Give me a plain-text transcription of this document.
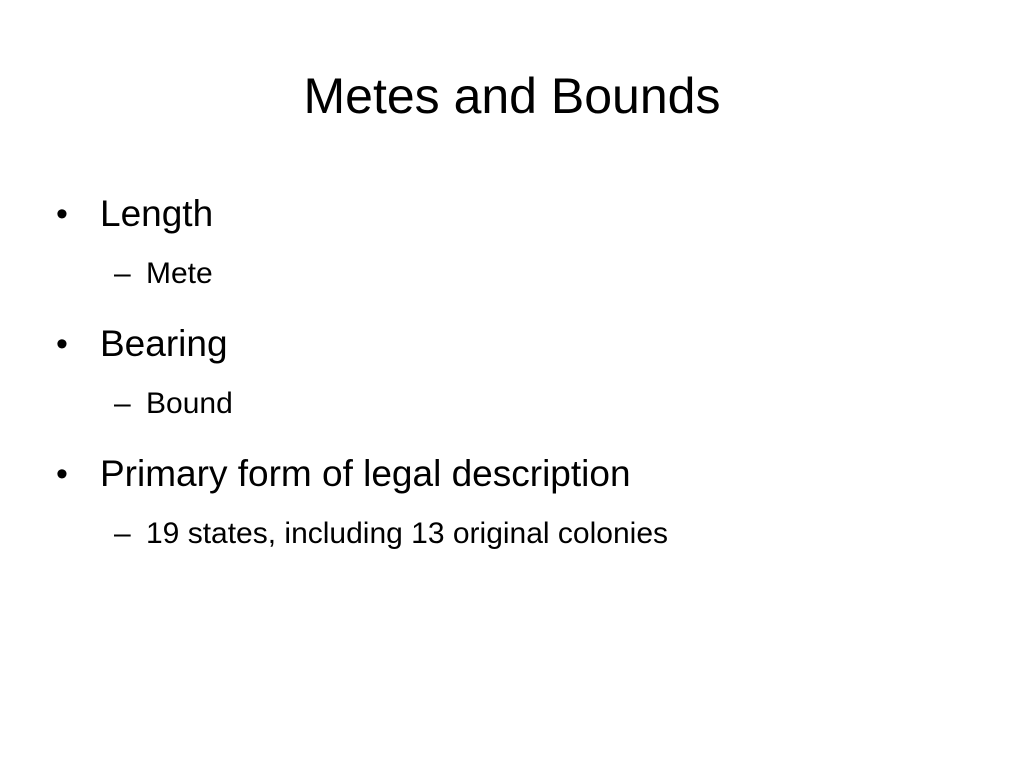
Metes and Bounds
• Length
– Mete
• Bearing
– Bound
• Primary form of legal description
– 19 states, including 13 original colonies
